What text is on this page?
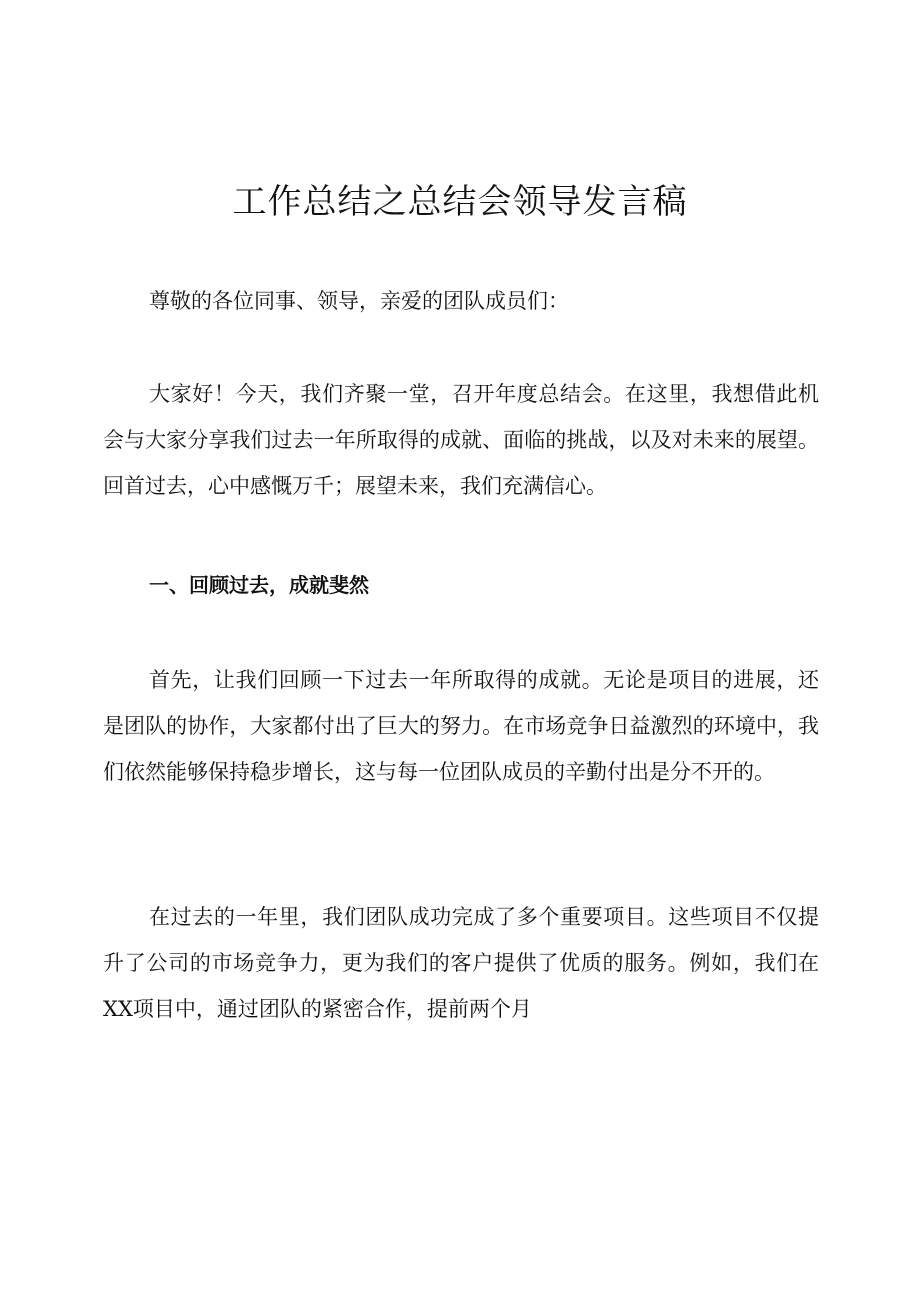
工作总结之总结会领导发言稿

尊敬的各位同事、领导，亲爱的团队成员们：

大家好！今天，我们齐聚一堂，召开年度总结会。在这里，我想借此机会与大家分享我们过去一年所取得的成就、面临的挑战，以及对未来的展望。回首过去，心中感慨万千；展望未来，我们充满信心。

一、回顾过去，成就斐然

首先，让我们回顾一下过去一年所取得的成就。无论是项目的进展，还是团队的协作，大家都付出了巨大的努力。在市场竞争日益激烈的环境中，我们依然能够保持稳步增长，这与每一位团队成员的辛勤付出是分不开的。

在过去的一年里，我们团队成功完成了多个重要项目。这些项目不仅提升了公司的市场竞争力，更为我们的客户提供了优质的服务。例如，我们在XX项目中，通过团队的紧密合作，提前两个月
